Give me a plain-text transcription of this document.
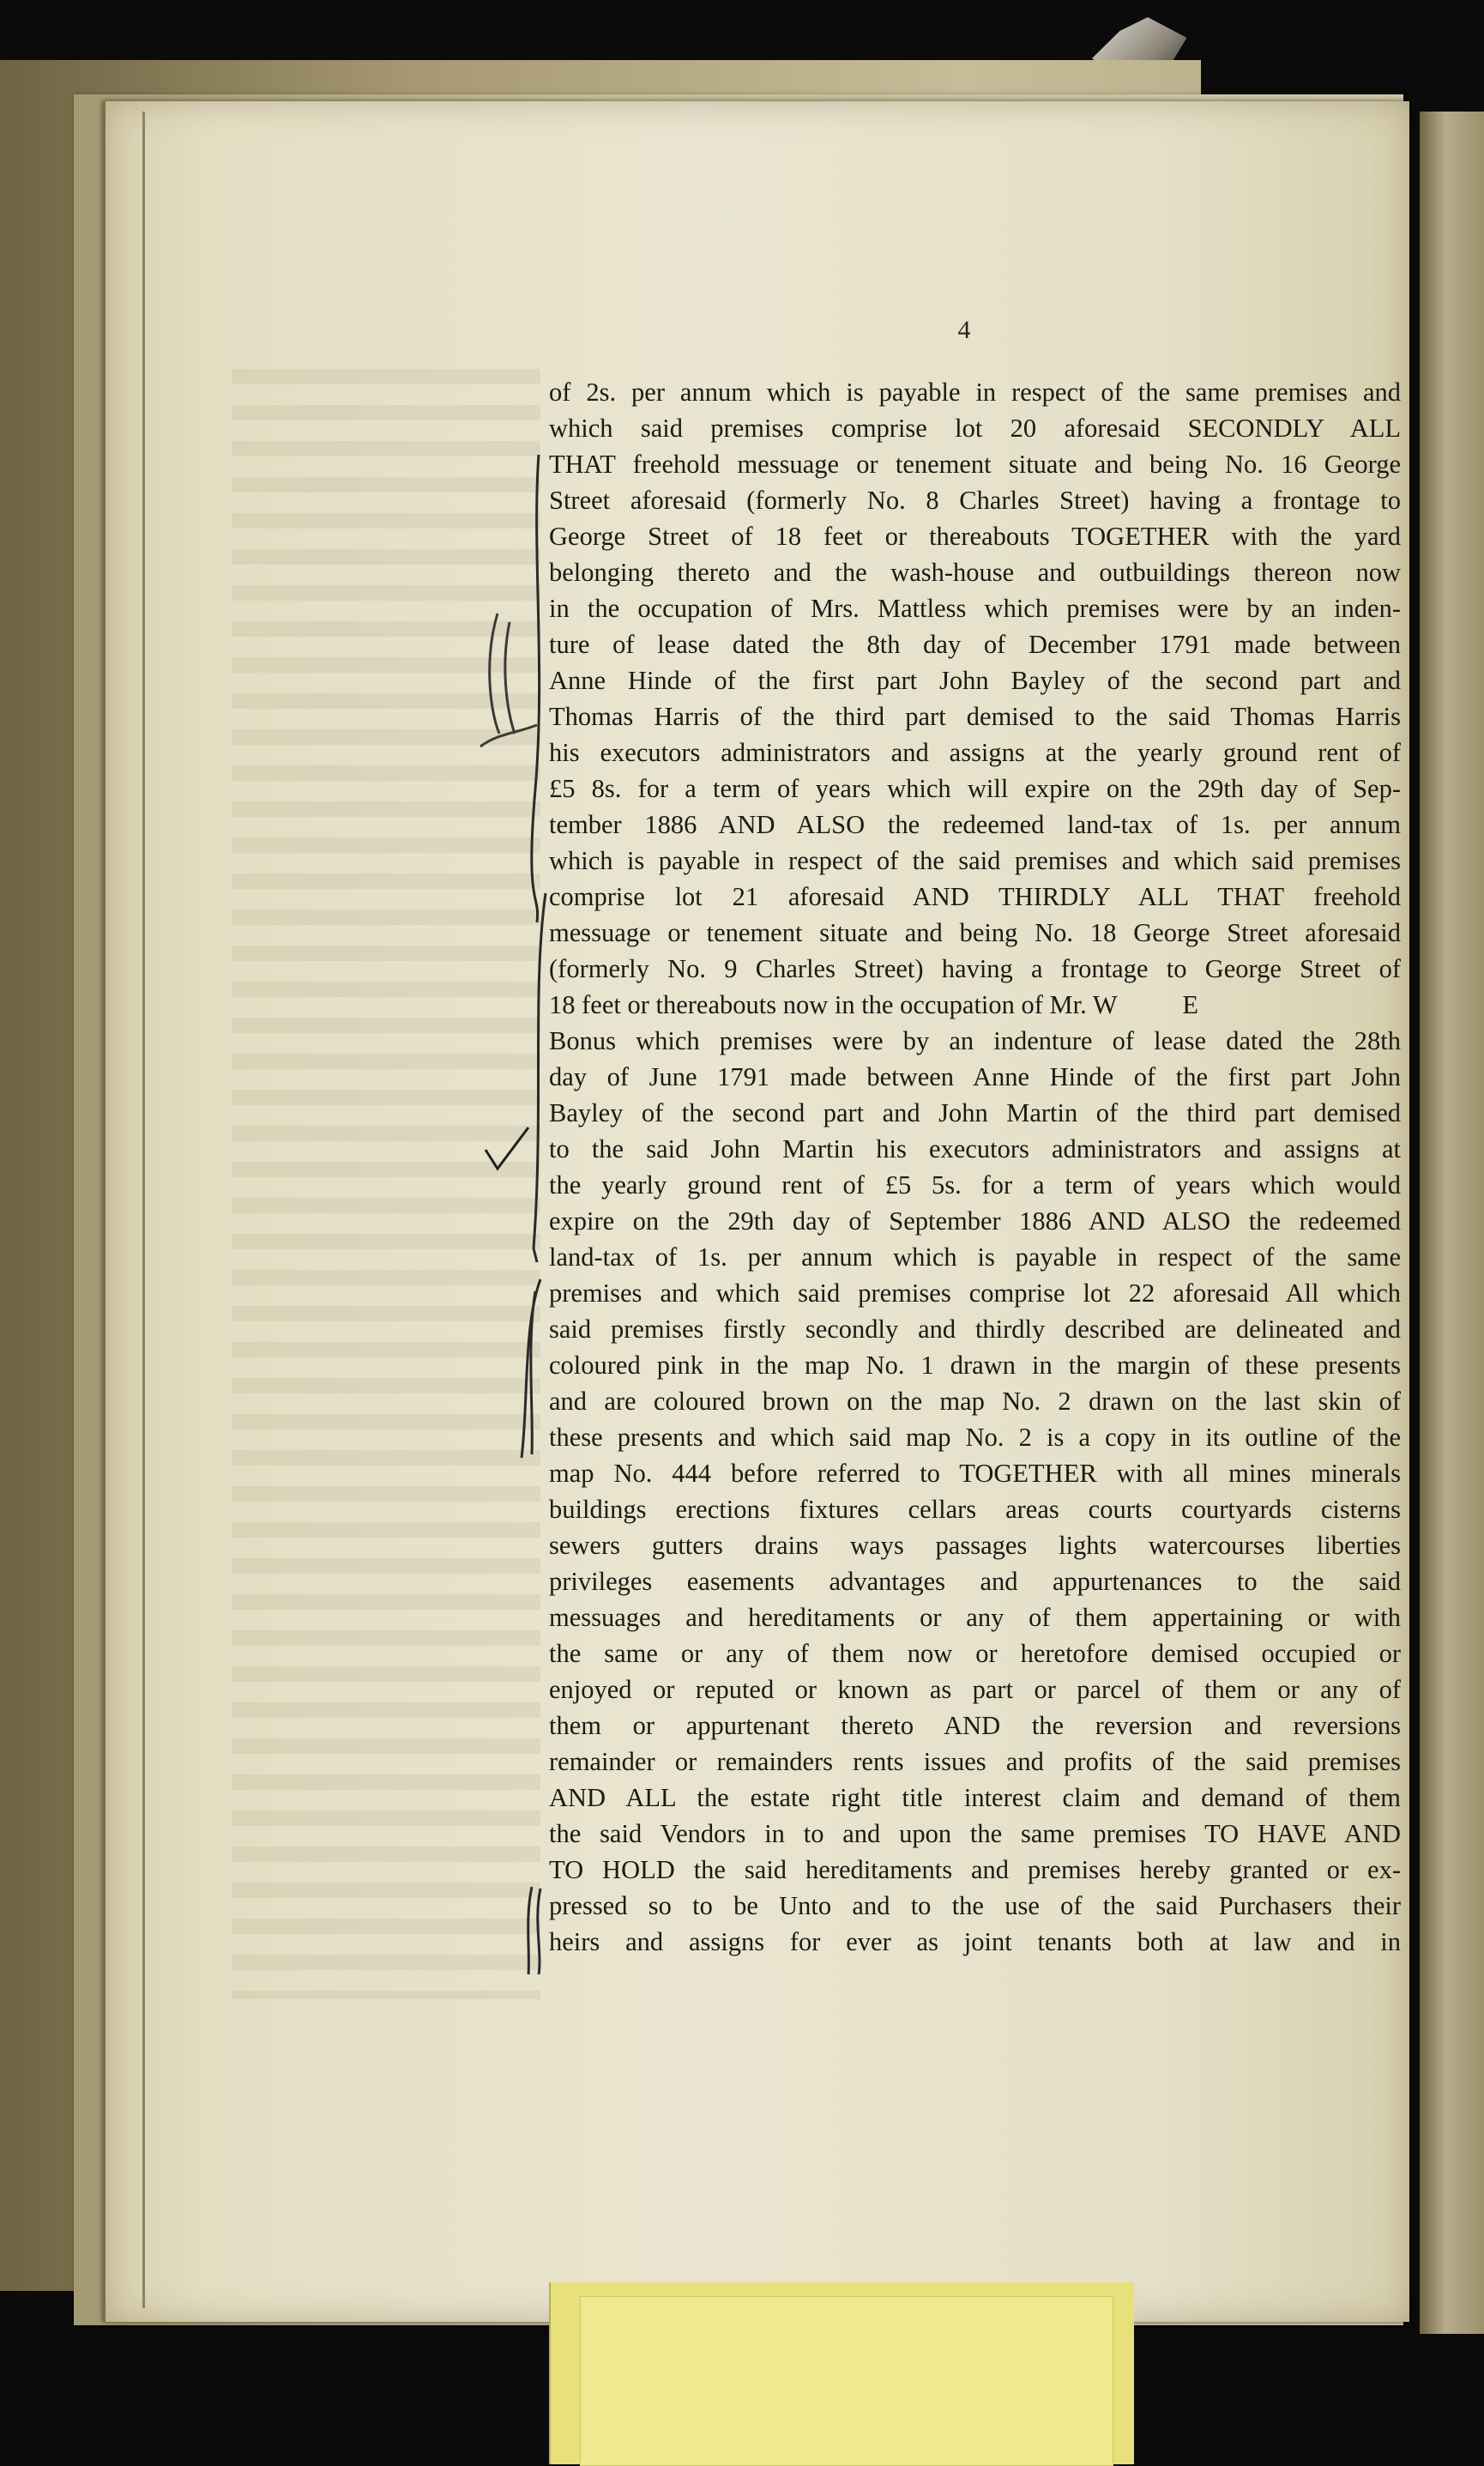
4
of 2s. per annum which is payable in respect of the same premises and
which said premises comprise lot 20 aforesaid SECONDLY ALL
THAT freehold messuage or tenement situate and being No. 16 George
Street aforesaid (formerly No. 8 Charles Street) having a frontage to
George Street of 18 feet or thereabouts TOGETHER with the yard
belonging thereto and the wash-house and outbuildings thereon now
in the occupation of Mrs. Mattless which premises were by an inden-
ture of lease dated the 8th day of December 1791 made between
Anne Hinde of the first part John Bayley of the second part and
Thomas Harris of the third part demised to the said Thomas Harris
his executors administrators and assigns at the yearly ground rent of
£5 8s. for a term of years which will expire on the 29th day of Sep-
tember 1886 AND ALSO the redeemed land-tax of 1s. per annum
which is payable in respect of the said premises and which said premises
comprise lot 21 aforesaid AND THIRDLY ALL THAT freehold
messuage or tenement situate and being No. 18 George Street aforesaid
(formerly No. 9 Charles Street) having a frontage to George Street of
18 feet or thereabouts now in the occupation of Mr. W          E
Bonus which premises were by an indenture of lease dated the 28th
day of June 1791 made between Anne Hinde of the first part John
Bayley of the second part and John Martin of the third part demised
to the said John Martin his executors administrators and assigns at
the yearly ground rent of £5 5s. for a term of years which would
expire on the 29th day of September 1886 AND ALSO the redeemed
land-tax of 1s. per annum which is payable in respect of the same
premises and which said premises comprise lot 22 aforesaid All which
said premises firstly secondly and thirdly described are delineated and
coloured pink in the map No. 1 drawn in the margin of these presents
and are coloured brown on the map No. 2 drawn on the last skin of
these presents and which said map No. 2 is a copy in its outline of the
map No. 444 before referred to TOGETHER with all mines minerals
buildings erections fixtures cellars areas courts courtyards cisterns
sewers gutters drains ways passages lights watercourses liberties
privileges easements advantages and appurtenances to the said
messuages and hereditaments or any of them appertaining or with
the same or any of them now or heretofore demised occupied or
enjoyed or reputed or known as part or parcel of them or any of
them or appurtenant thereto AND the reversion and reversions
remainder or remainders rents issues and profits of the said premises
AND ALL the estate right title interest claim and demand of them
the said Vendors in to and upon the same premises TO HAVE AND
TO HOLD the said hereditaments and premises hereby granted or ex-
pressed so to be Unto and to the use of the said Purchasers their
heirs and assigns for ever as joint tenants both at law and in
